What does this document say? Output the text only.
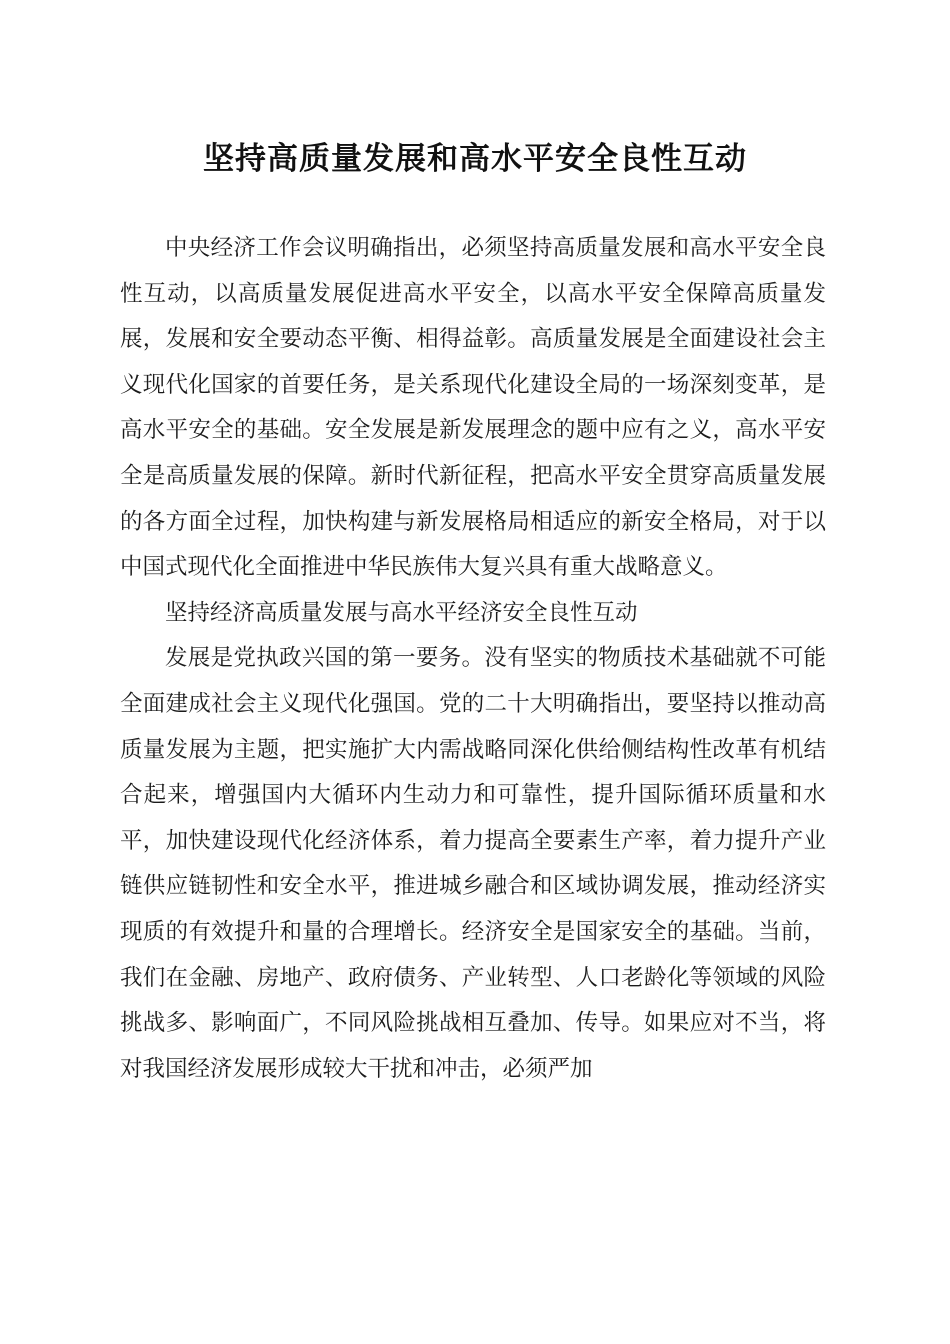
坚持高质量发展和高水平安全良性互动

中央经济工作会议明确指出，必须坚持高质量发展和高水平安全良性互动，以高质量发展促进高水平安全，以高水平安全保障高质量发展，发展和安全要动态平衡、相得益彰。高质量发展是全面建设社会主义现代化国家的首要任务，是关系现代化建设全局的一场深刻变革，是高水平安全的基础。安全发展是新发展理念的题中应有之义，高水平安全是高质量发展的保障。新时代新征程，把高水平安全贯穿高质量发展的各方面全过程，加快构建与新发展格局相适应的新安全格局，对于以中国式现代化全面推进中华民族伟大复兴具有重大战略意义。

坚持经济高质量发展与高水平经济安全良性互动

发展是党执政兴国的第一要务。没有坚实的物质技术基础就不可能全面建成社会主义现代化强国。党的二十大明确指出，要坚持以推动高质量发展为主题，把实施扩大内需战略同深化供给侧结构性改革有机结合起来，增强国内大循环内生动力和可靠性，提升国际循环质量和水平，加快建设现代化经济体系，着力提高全要素生产率，着力提升产业链供应链韧性和安全水平，推进城乡融合和区域协调发展，推动经济实现质的有效提升和量的合理增长。经济安全是国家安全的基础。当前，我们在金融、房地产、政府债务、产业转型、人口老龄化等领域的风险挑战多、影响面广，不同风险挑战相互叠加、传导。如果应对不当，将对我国经济发展形成较大干扰和冲击，必须严加
